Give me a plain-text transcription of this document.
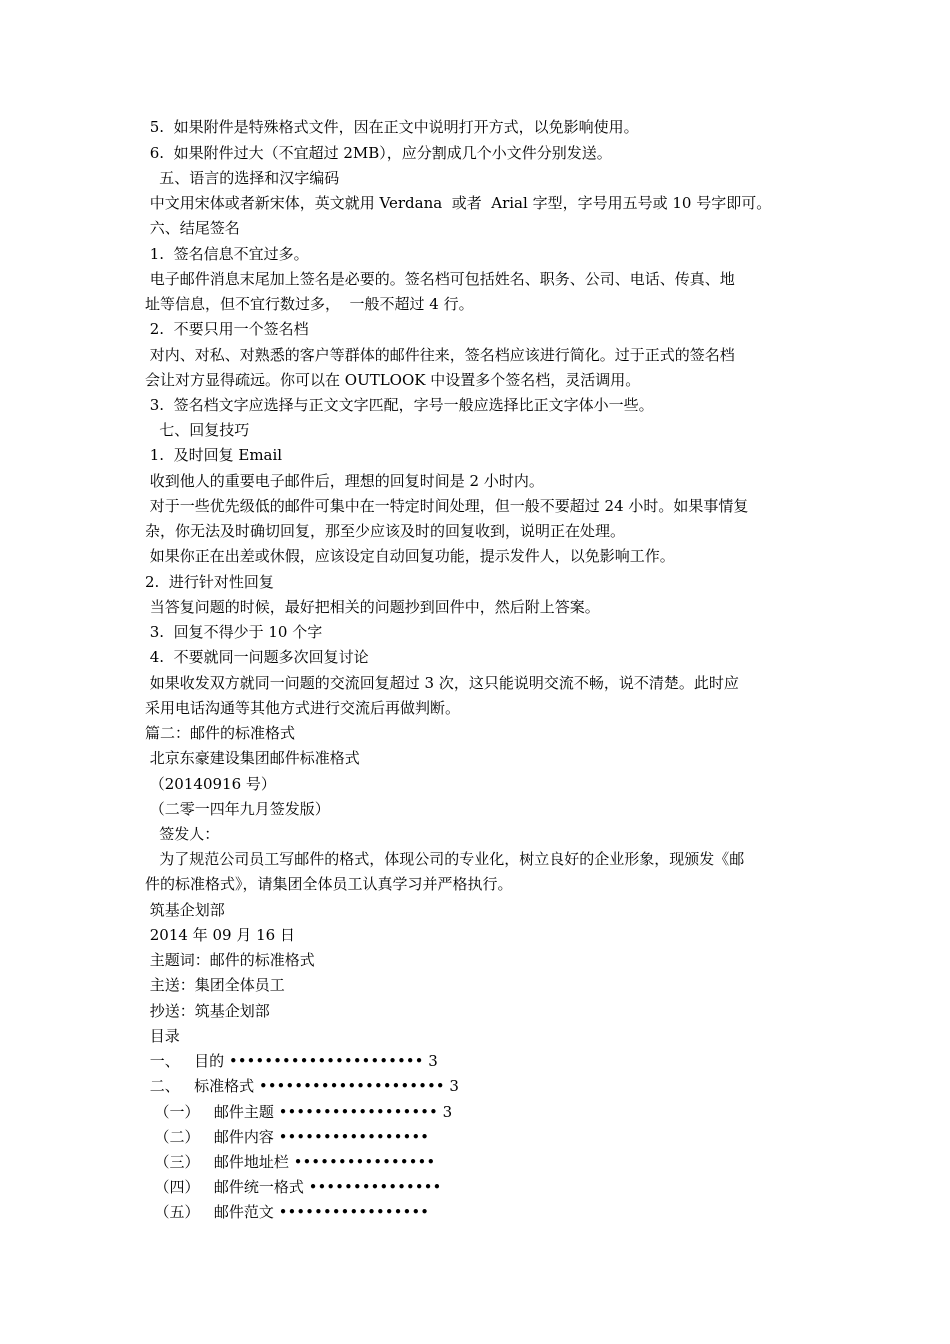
5.  如果附件是特殊格式文件，因在正文中说明打开方式，以免影响使用。
6.  如果附件过大（不宜超过 2MB），应分割成几个小文件分别发送。
五、语言的选择和汉字编码
中文用宋体或者新宋体，英文就用 Verdana  或者  Arial 字型，字号用五号或 10 号字即可。
六、结尾签名
1.  签名信息不宜过多。
电子邮件消息末尾加上签名是必要的。签名档可包括姓名、职务、公司、电话、传真、地
址等信息，但不宜行数过多，  一般不超过 4 行。
2.  不要只用一个签名档
对内、对私、对熟悉的客户等群体的邮件往来，签名档应该进行简化。过于正式的签名档
会让对方显得疏远。你可以在 OUTLOOK 中设置多个签名档，灵活调用。
3.  签名档文字应选择与正文文字匹配，字号一般应选择比正文字体小一些。
七、回复技巧
1.  及时回复 Email
收到他人的重要电子邮件后，理想的回复时间是 2 小时内。
对于一些优先级低的邮件可集中在一特定时间处理，但一般不要超过 24 小时。如果事情复
杂，你无法及时确切回复，那至少应该及时的回复收到，说明正在处理。
如果你正在出差或休假，应该设定自动回复功能，提示发件人，以免影响工作。
2.  进行针对性回复
当答复问题的时候，最好把相关的问题抄到回件中，然后附上答案。
3.  回复不得少于 10 个字
4.  不要就同一问题多次回复讨论
如果收发双方就同一问题的交流回复超过 3 次，这只能说明交流不畅，说不清楚。此时应
采用电话沟通等其他方式进行交流后再做判断。
篇二：邮件的标准格式
北京东豪建设集团邮件标准格式
（20140916 号）
（二零一四年九月签发版）
签发人：
为了规范公司员工写邮件的格式，体现公司的专业化，树立良好的企业形象，现颁发《邮
件的标准格式》，请集团全体员工认真学习并严格执行。
筑基企划部
2014 年 09 月 16 日
主题词：邮件的标准格式
主送：集团全体员工
抄送：筑基企划部
目录
一、   目的 •••••••••••••••••••••• 3
二、   标准格式 ••••••••••••••••••••• 3
（一）   邮件主题 •••••••••••••••••• 3
（二）   邮件内容 •••••••••••••••••
（三）   邮件地址栏 ••••••••••••••••
（四）   邮件统一格式 •••••••••••••••
（五）   邮件范文 •••••••••••••••••
